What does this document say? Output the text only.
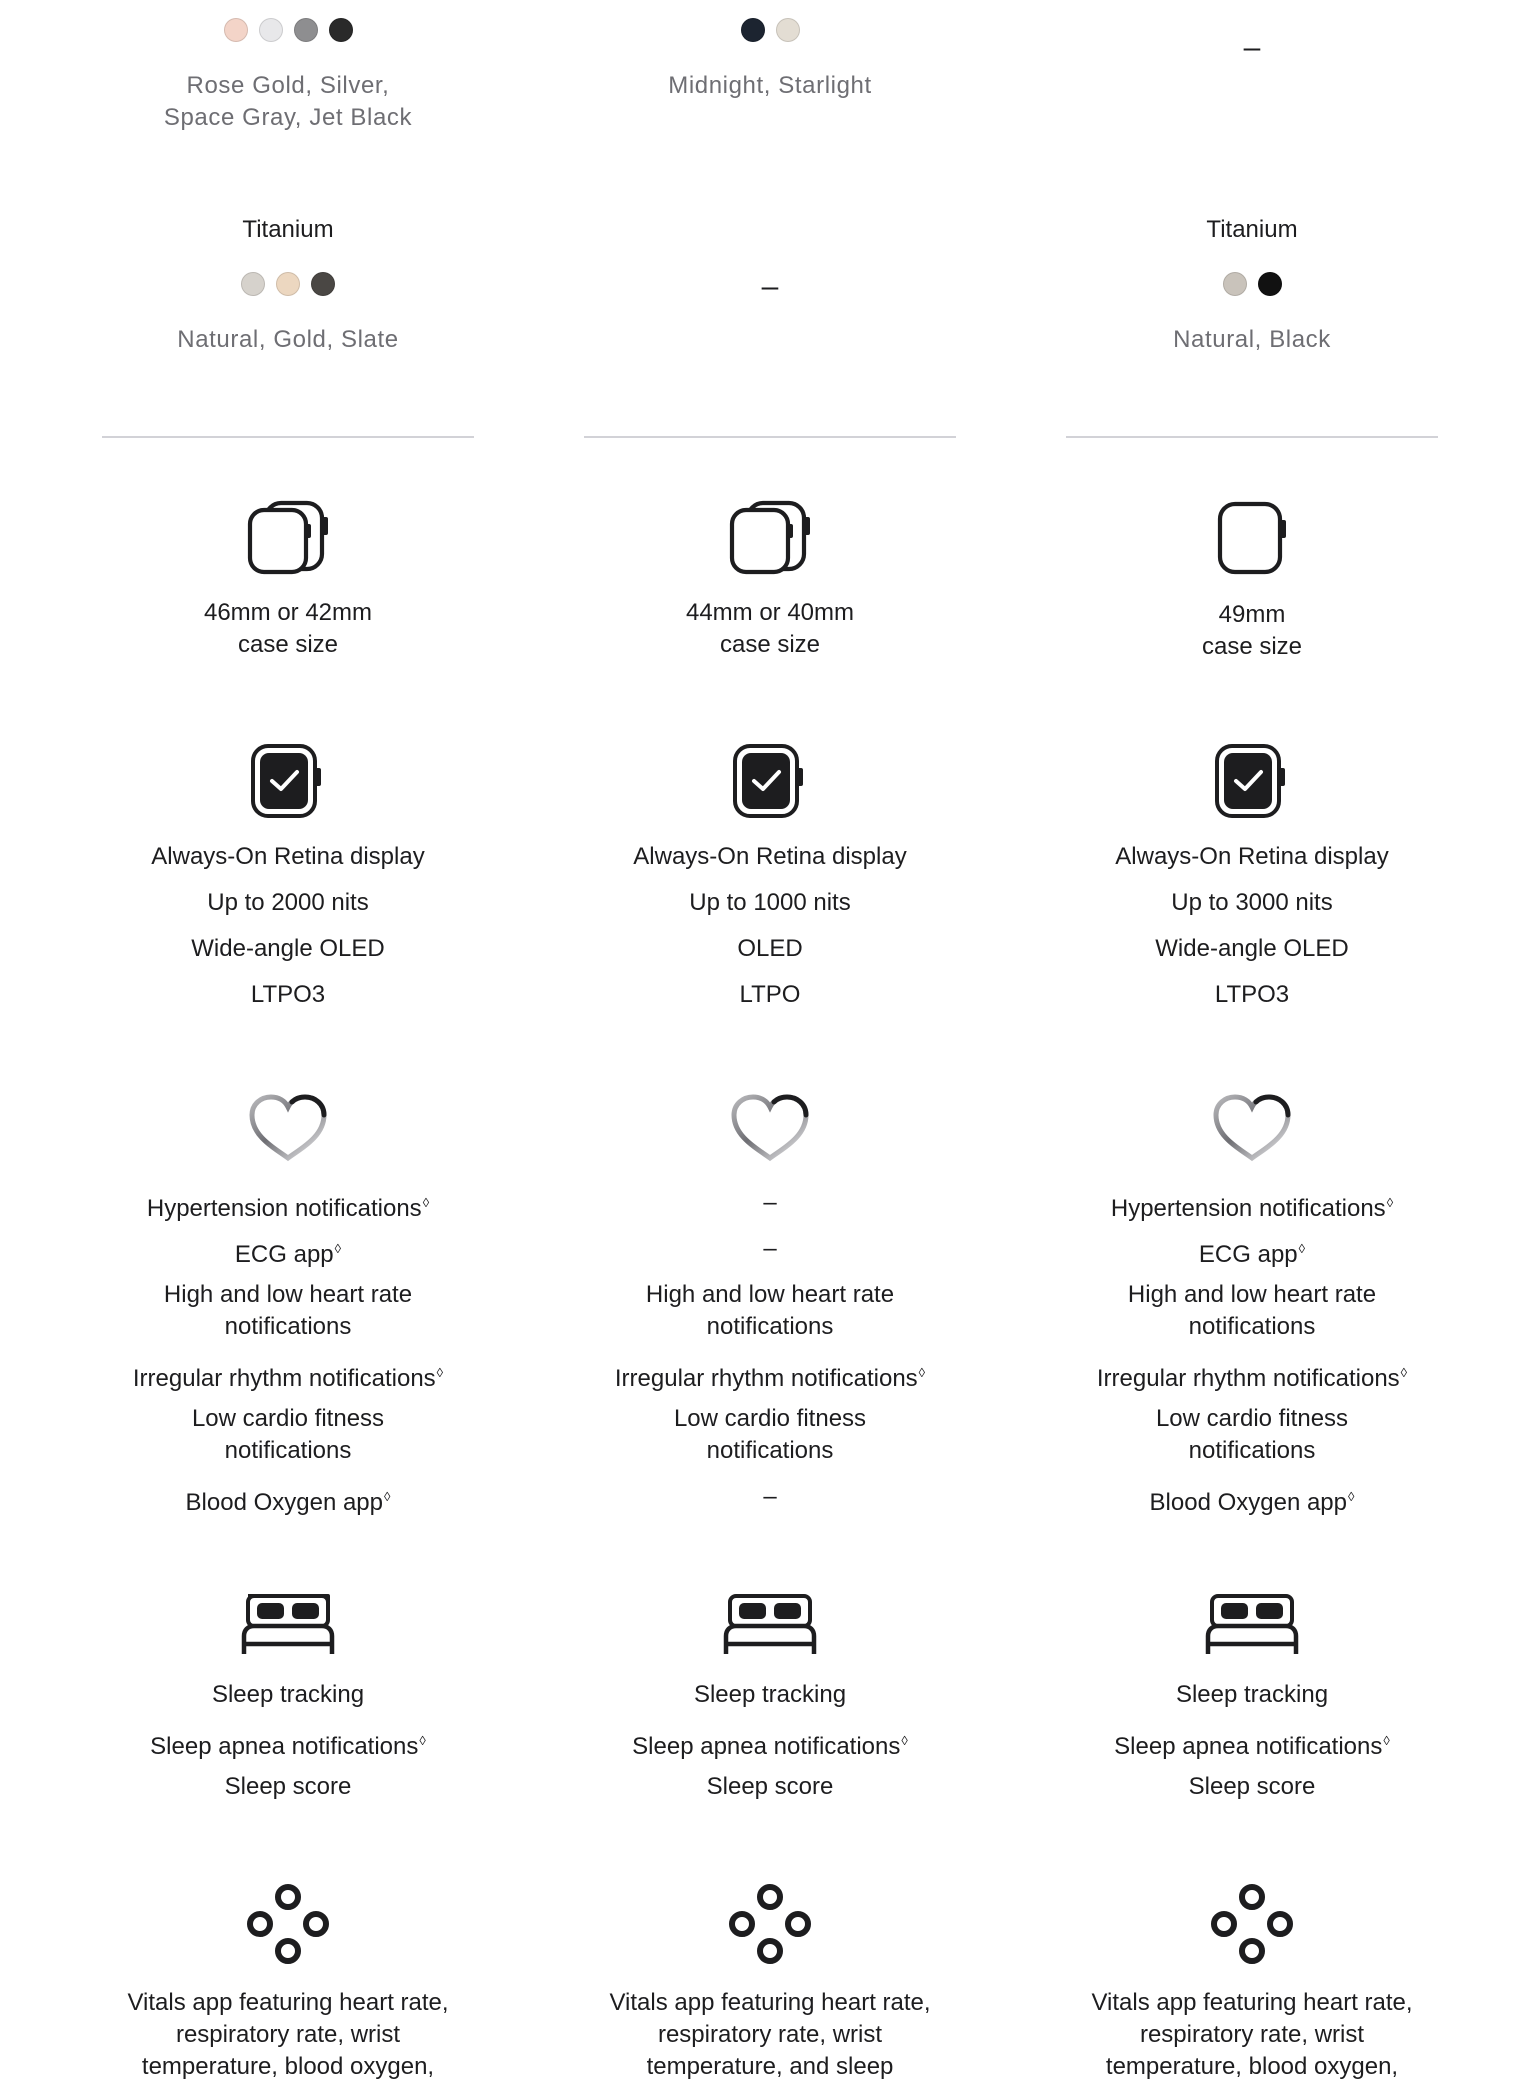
Rose Gold, Silver,
Space Gray, Jet Black
Titanium
Natural, Gold, Slate
46mm or 42mm
case size
Always-On Retina display
Up to 2000 nits
Wide-angle OLED
LTPO3
Hypertension notifications◊
ECG app◊
High and low heart rate notifications
Irregular rhythm notifications◊
Low cardio fitness notifications
Blood Oxygen app◊
Sleep tracking
Sleep apnea notifications◊
Sleep score
Vitals app featuring heart rate, respiratory rate, wrist temperature, blood oxygen,
Midnight, Starlight
–
44mm or 40mm
case size
Always-On Retina display
Up to 1000 nits
OLED
LTPO
–
–
High and low heart rate notifications
Irregular rhythm notifications◊
Low cardio fitness notifications
–
Sleep tracking
Sleep apnea notifications◊
Sleep score
Vitals app featuring heart rate, respiratory rate, wrist temperature, and sleep
–
Titanium
Natural, Black
49mm
case size
Always-On Retina display
Up to 3000 nits
Wide-angle OLED
LTPO3
Hypertension notifications◊
ECG app◊
High and low heart rate notifications
Irregular rhythm notifications◊
Low cardio fitness notifications
Blood Oxygen app◊
Sleep tracking
Sleep apnea notifications◊
Sleep score
Vitals app featuring heart rate, respiratory rate, wrist temperature, blood oxygen,
